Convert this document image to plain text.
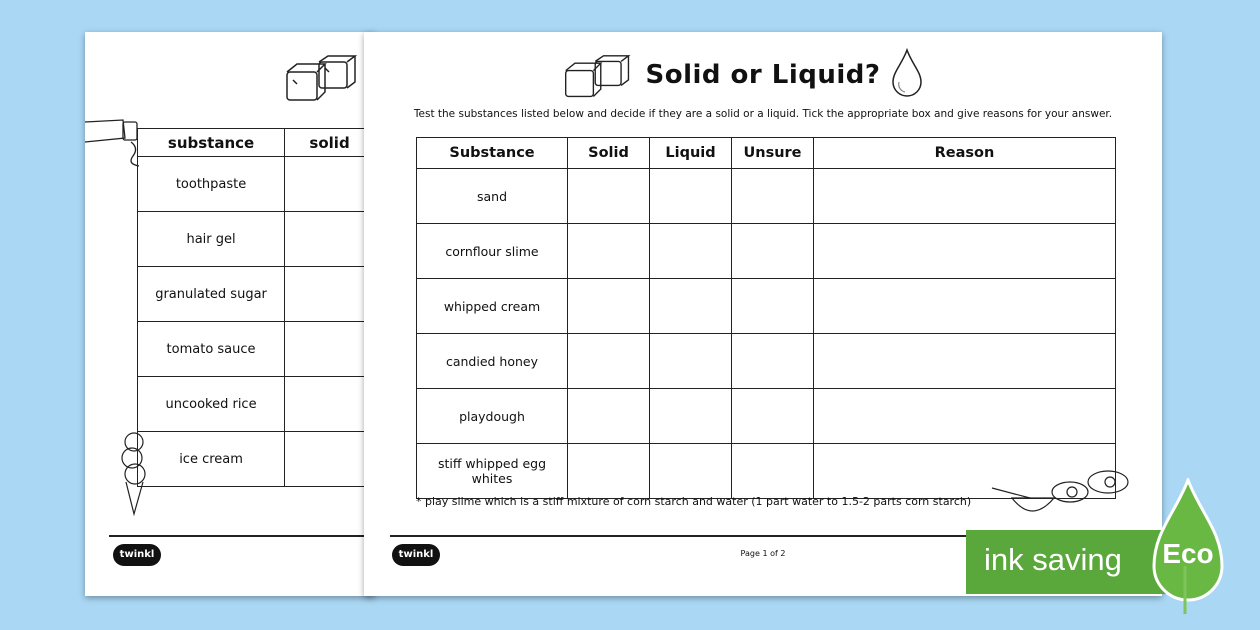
substance	solid
toothpaste	
hair gel	
granulated sugar	
tomato sauce	
uncooked rice	
ice cream	
twinkl
Solid or Liquid?
Test the substances listed below and decide if they are a solid or a liquid. Tick the appropriate box and give reasons for your answer.
Substance	Solid	Liquid	Unsure	Reason
sand				
cornflour slime				
whipped cream				
candied honey				
playdough				
stiff whipped egg whites				
* play slime which is a stiff mixture of corn starch and water (1 part water to 1.5-2 parts corn starch)
twinkl	Page 1 of 2	ink saving Eco
